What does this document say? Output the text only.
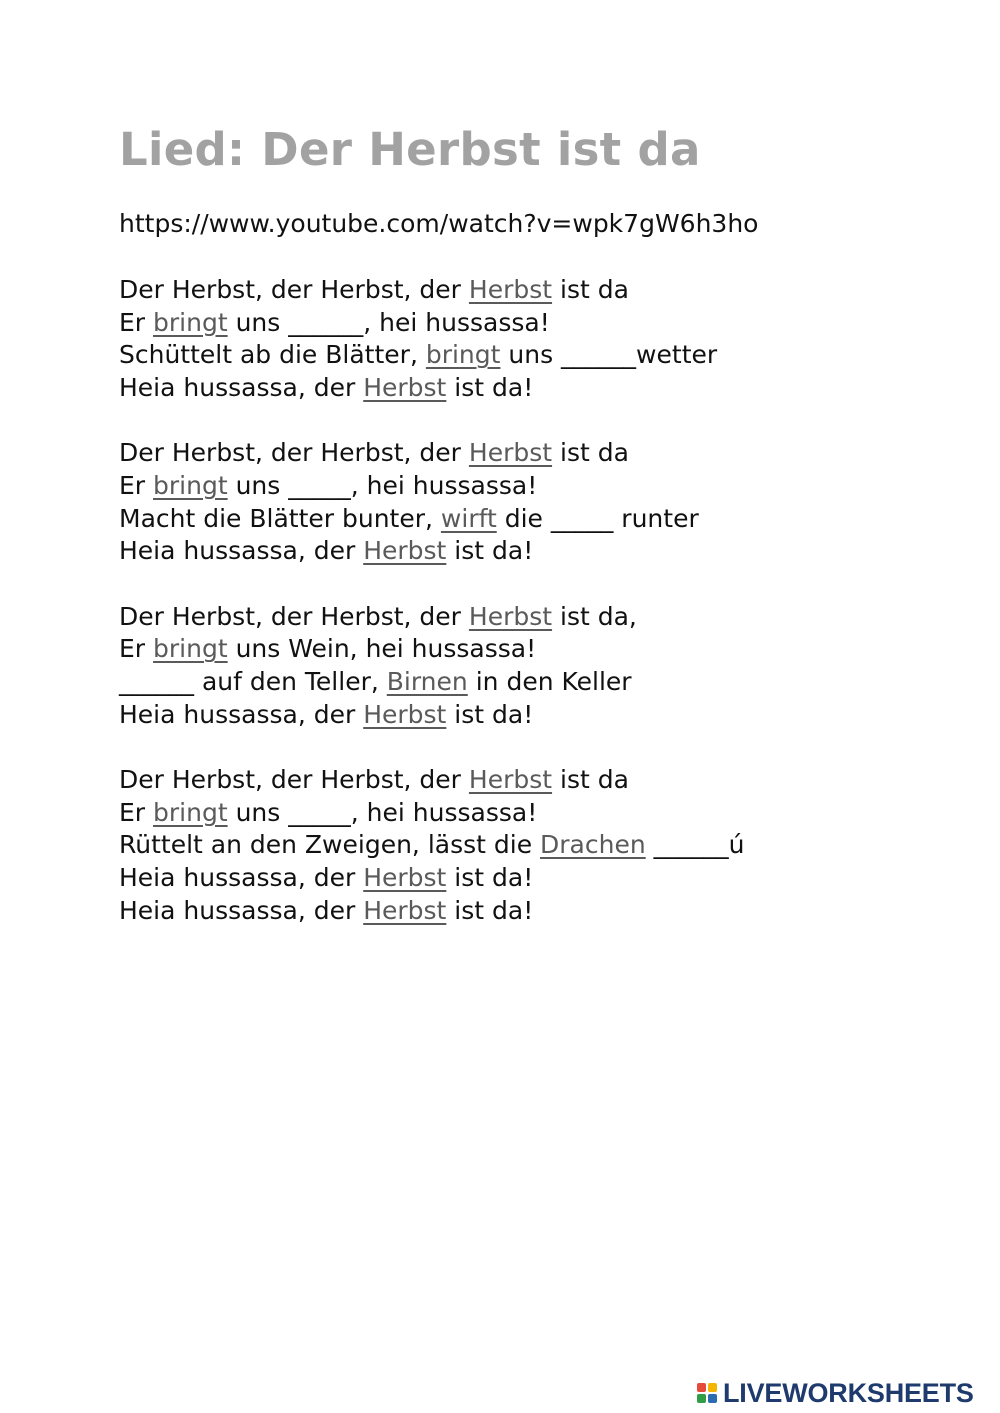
Lied: Der Herbst ist da
https://www.youtube.com/watch?v=wpk7gW6h3ho
Der Herbst, der Herbst, der Herbst ist da
Er bringt uns ______, hei hussassa!
Schüttelt ab die Blätter, bringt uns ______wetter
Heia hussassa, der Herbst ist da!
Der Herbst, der Herbst, der Herbst ist da
Er bringt uns _____, hei hussassa!
Macht die Blätter bunter, wirft die _____ runter
Heia hussassa, der Herbst ist da!
Der Herbst, der Herbst, der Herbst ist da,
Er bringt uns Wein, hei hussassa!
______ auf den Teller, Birnen in den Keller
Heia hussassa, der Herbst ist da!
Der Herbst, der Herbst, der Herbst ist da
Er bringt uns _____, hei hussassa!
Rüttelt an den Zweigen, lässt die Drachen ______ú
Heia hussassa, der Herbst ist da!
Heia hussassa, der Herbst ist da!
LIVEWORKSHEETS
